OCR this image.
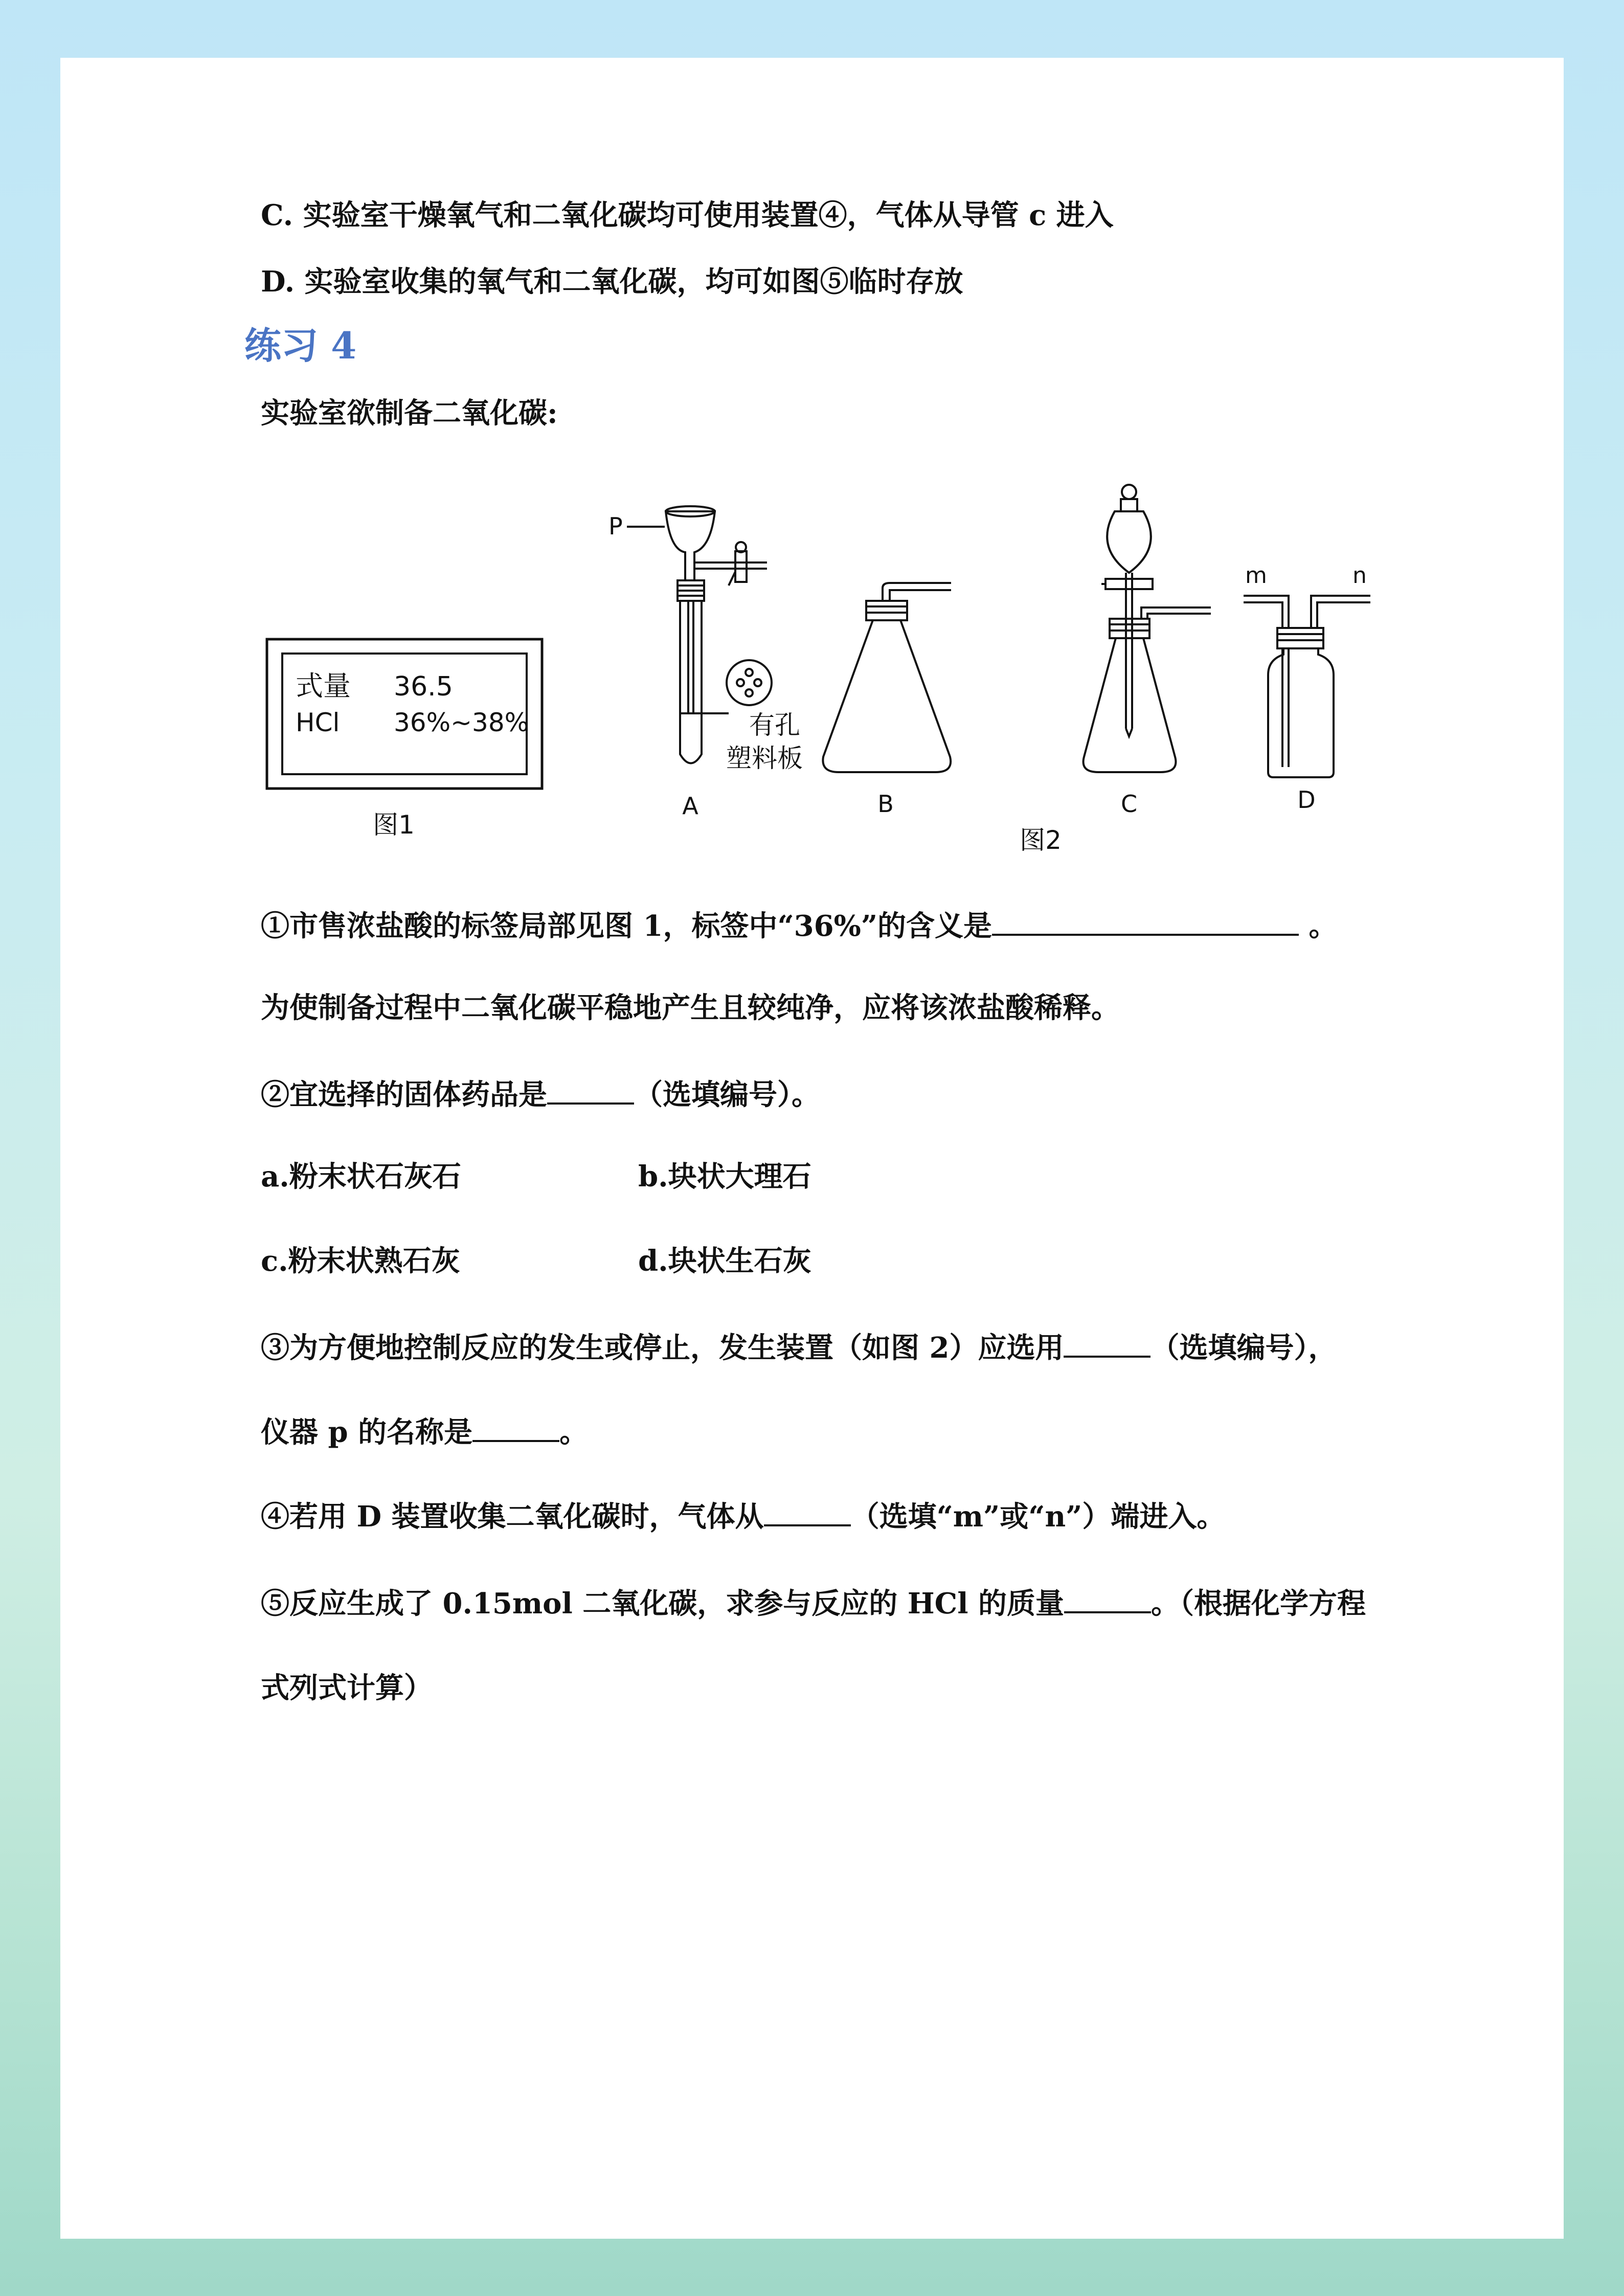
C. 实验室干燥氧气和二氧化碳均可使用装置④，气体从导管 c 进入
D. 实验室收集的氧气和二氧化碳，均可如图⑤临时存放
练习 4
实验室欲制备二氧化碳:
式量 36.5
HCl 36%~38%
图1
P
有孔
塑料板
A	B	C
m	n
D
图2
①市售浓盐酸的标签局部见图 1，标签中“36%”的含义是	。
为使制备过程中二氧化碳平稳地产生且较纯净，应将该浓盐酸稀释。
②宜选择的固体药品是	（选填编号）。
a.粉末状石灰石	b.块状大理石
c.粉末状熟石灰	d.块状生石灰
③为方便地控制反应的发生或停止，发生装置（如图 2）应选用	（选填编号），
仪器 p 的名称是	。
④若用 D 装置收集二氧化碳时，气体从	（选填“m”或“n”）端进入。
⑤反应生成了 0.15mol 二氧化碳，求参与反应的 HCl 的质量	。（根据化学方程
式列式计算）
